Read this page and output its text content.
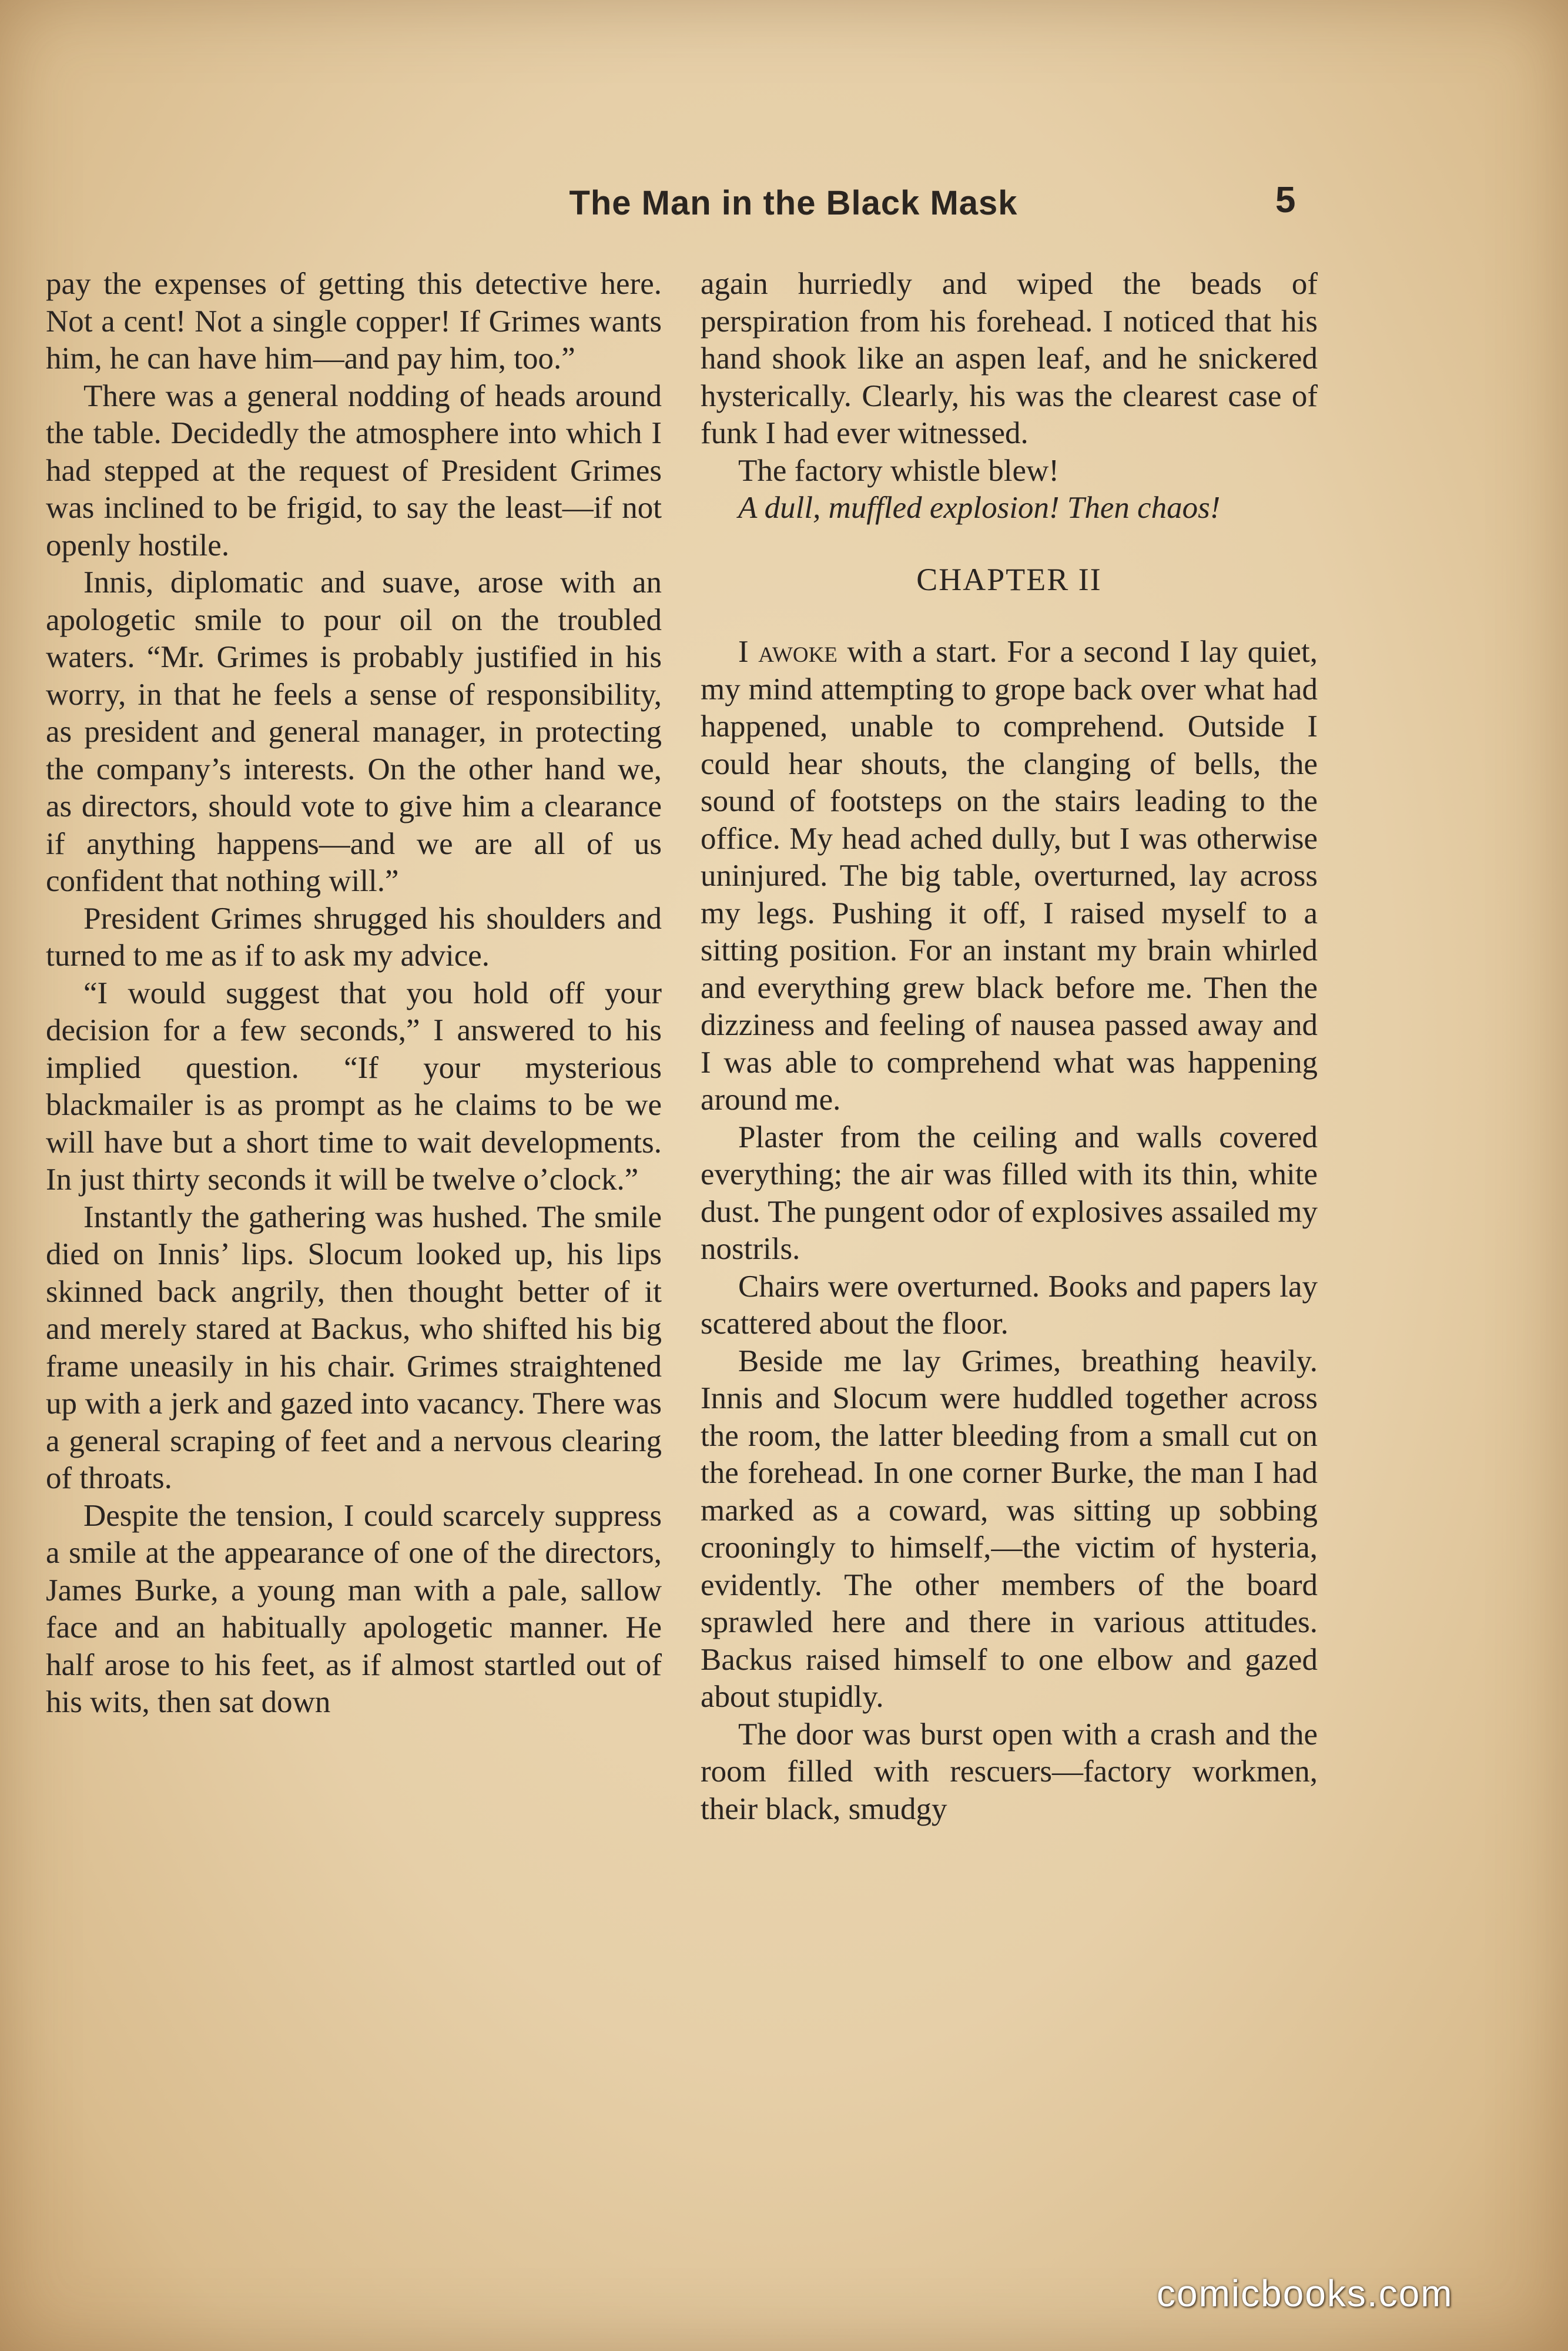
The Man in the Black Mask	5

pay the expenses of getting this detective here. Not a cent! Not a single copper! If Grimes wants him, he can have him—and pay him, too.”

There was a general nodding of heads around the table. Decidedly the atmosphere into which I had stepped at the request of President Grimes was inclined to be frigid, to say the least—if not openly hostile.

Innis, diplomatic and suave, arose with an apologetic smile to pour oil on the troubled waters. “Mr. Grimes is probably justified in his worry, in that he feels a sense of responsibility, as president and general manager, in protecting the company’s interests. On the other hand we, as directors, should vote to give him a clearance if anything happens—and we are all of us confident that nothing will.”

President Grimes shrugged his shoulders and turned to me as if to ask my advice.

“I would suggest that you hold off your decision for a few seconds,” I answered to his implied question. “If your mysterious blackmailer is as prompt as he claims to be we will have but a short time to wait developments. In just thirty seconds it will be twelve o’clock.”

Instantly the gathering was hushed. The smile died on Innis’ lips. Slocum looked up, his lips skinned back angrily, then thought better of it and merely stared at Backus, who shifted his big frame uneasily in his chair. Grimes straightened up with a jerk and gazed into vacancy. There was a general scraping of feet and a nervous clearing of throats.

Despite the tension, I could scarcely suppress a smile at the appearance of one of the directors, James Burke, a young man with a pale, sallow face and an habitually apologetic manner. He half arose to his feet, as if almost startled out of his wits, then sat down

again hurriedly and wiped the beads of perspiration from his forehead. I noticed that his hand shook like an aspen leaf, and he snickered hysterically. Clearly, his was the clearest case of funk I had ever witnessed.

The factory whistle blew!

A dull, muffled explosion! Then chaos!

CHAPTER II

I awoke with a start. For a second I lay quiet, my mind attempting to grope back over what had happened, unable to comprehend. Outside I could hear shouts, the clanging of bells, the sound of footsteps on the stairs leading to the office. My head ached dully, but I was otherwise uninjured. The big table, overturned, lay across my legs. Pushing it off, I raised myself to a sitting position. For an instant my brain whirled and everything grew black before me. Then the dizziness and feeling of nausea passed away and I was able to comprehend what was happening around me.

Plaster from the ceiling and walls covered everything; the air was filled with its thin, white dust. The pungent odor of explosives assailed my nostrils.

Chairs were overturned. Books and papers lay scattered about the floor.

Beside me lay Grimes, breathing heavily. Innis and Slocum were huddled together across the room, the latter bleeding from a small cut on the forehead. In one corner Burke, the man I had marked as a coward, was sitting up sobbing crooningly to himself,—the victim of hysteria, evidently. The other members of the board sprawled here and there in various attitudes. Backus raised himself to one elbow and gazed about stupidly.

The door was burst open with a crash and the room filled with rescuers—factory workmen, their black, smudgy

comicbooks.com
